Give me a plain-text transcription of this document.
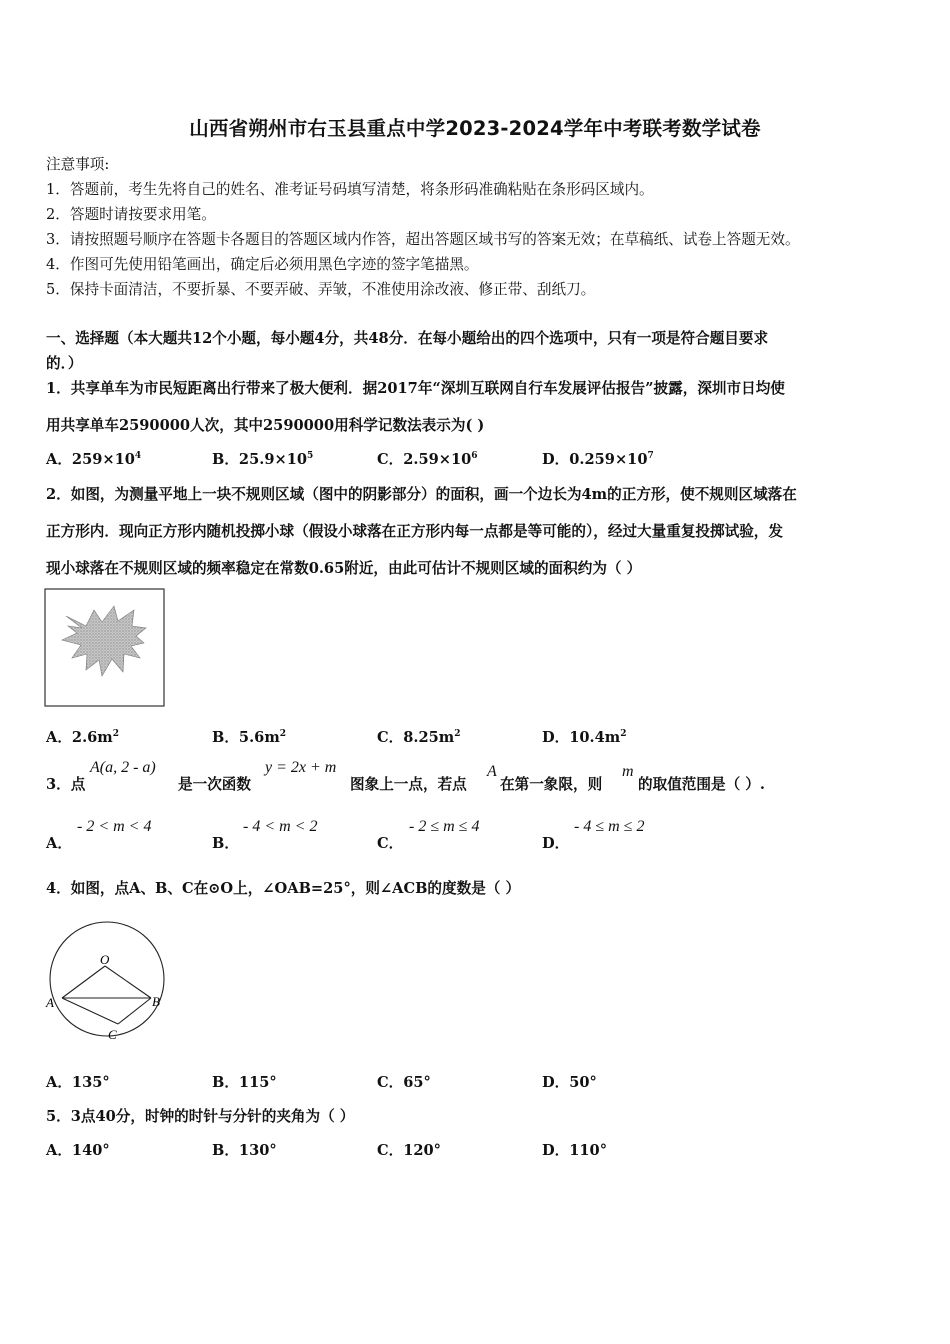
山西省朔州市右玉县重点中学2023-2024学年中考联考数学试卷
注意事项:
1．答题前，考生先将自己的姓名、准考证号码填写清楚，将条形码准确粘贴在条形码区域内。
2．答题时请按要求用笔。
3．请按照题号顺序在答题卡各题目的答题区域内作答，超出答题区域书写的答案无效；在草稿纸、试卷上答题无效。
4．作图可先使用铅笔画出，确定后必须用黑色字迹的签字笔描黑。
5．保持卡面清洁，不要折暴、不要弄破、弄皱，不准使用涂改液、修正带、刮纸刀。
一、选择题（本大题共12个小题，每小题4分，共48分．在每小题给出的四个选项中，只有一项是符合题目要求
的．）
1．共享单车为市民短距离出行带来了极大便利．据2017年“深圳互联网自行车发展评估报告”披露，深圳市日均使
用共享单车2590000人次，其中2590000用科学记数法表示为( )
A．$259\times 10^4$	B．$25.9\times 10^5$	C．$2.59\times 10^6$	D．$0.259\times 10^7$
2．如图，为测量平地上一块不规则区域（图中的阴影部分）的面积，画一个边长为4m的正方形，使不规则区域落在
正方形内．现向正方形内随机投掷小球（假设小球落在正方形内每一点都是等可能的），经过大量重复投掷试验，发
现小球落在不规则区域的频率稳定在常数0.65附近，由此可估计不规则区域的面积约为（ ）
A．$2.6m^2$	B．$5.6m^2$	C．$8.25m^2$	D．$10.4m^2$
3．点
A(a, 2 - a)
是一次函数
y = 2x + m
图象上一点，若点
A
在第一象限，则
m
的取值范围是（ ）.
A．
- 2 < m < 4
B．
- 4 < m < 2
C．
- 2 ≤ m ≤ 4
D．
- 4 ≤ m ≤ 2
4．如图，点A、B、C在⊙O上，∠OAB=25°，则∠ACB的度数是（ ）
O
A	B
C
A．135°	B．115°	C．65°	D．50°
5．3点40分，时钟的时针与分针的夹角为（ ）
A．140°	B．130°	C．120°	D．110°
